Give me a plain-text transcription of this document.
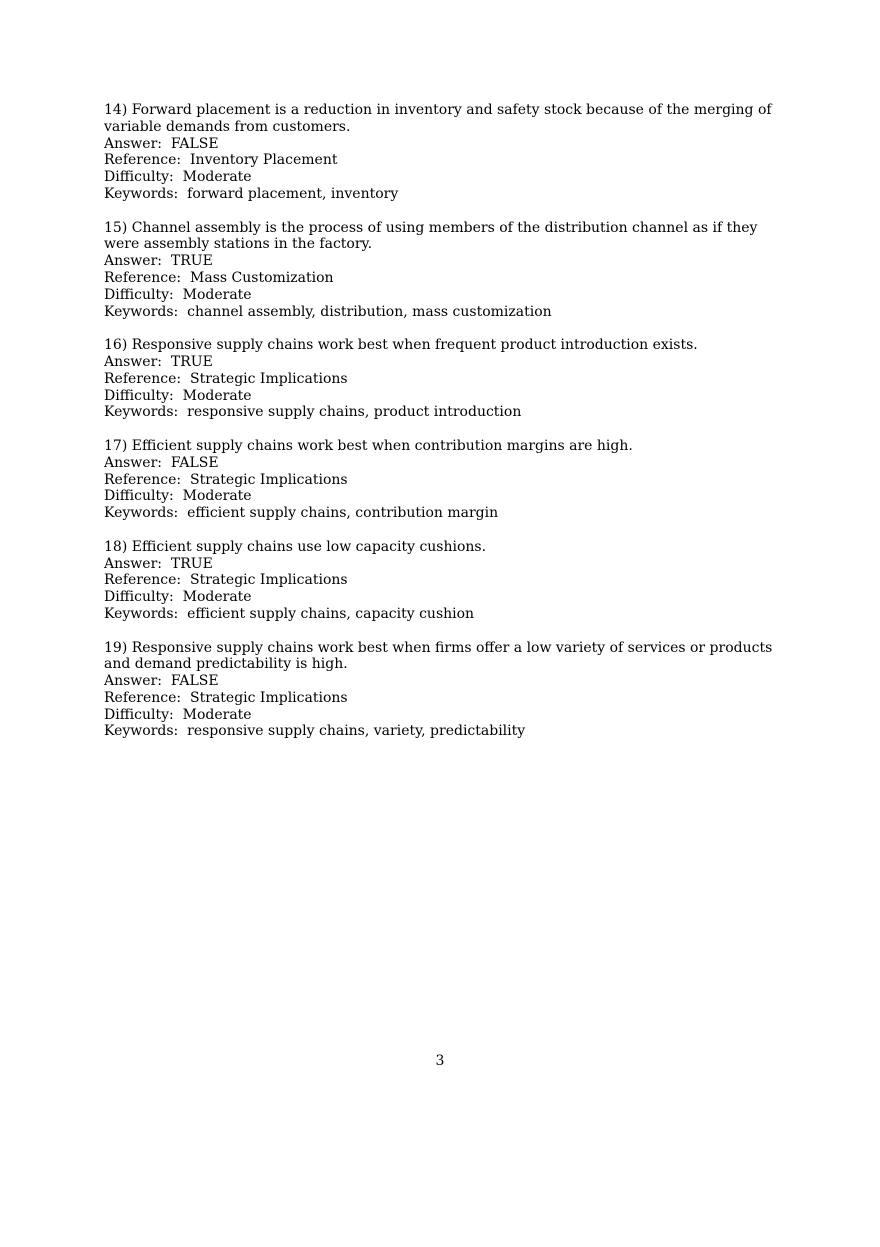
14) Forward placement is a reduction in inventory and safety stock because of the merging of variable demands from customers.
Answer:  FALSE
Reference:  Inventory Placement
Difficulty:  Moderate
Keywords:  forward placement, inventory
15) Channel assembly is the process of using members of the distribution channel as if they were assembly stations in the factory.
Answer:  TRUE
Reference:  Mass Customization
Difficulty:  Moderate
Keywords:  channel assembly, distribution, mass customization
16) Responsive supply chains work best when frequent product introduction exists.
Answer:  TRUE
Reference:  Strategic Implications
Difficulty:  Moderate
Keywords:  responsive supply chains, product introduction
17) Efficient supply chains work best when contribution margins are high.
Answer:  FALSE
Reference:  Strategic Implications
Difficulty:  Moderate
Keywords:  efficient supply chains, contribution margin
18) Efficient supply chains use low capacity cushions.
Answer:  TRUE
Reference:  Strategic Implications
Difficulty:  Moderate
Keywords:  efficient supply chains, capacity cushion
19) Responsive supply chains work best when firms offer a low variety of services or products and demand predictability is high.
Answer:  FALSE
Reference:  Strategic Implications
Difficulty:  Moderate
Keywords:  responsive supply chains, variety, predictability
3
